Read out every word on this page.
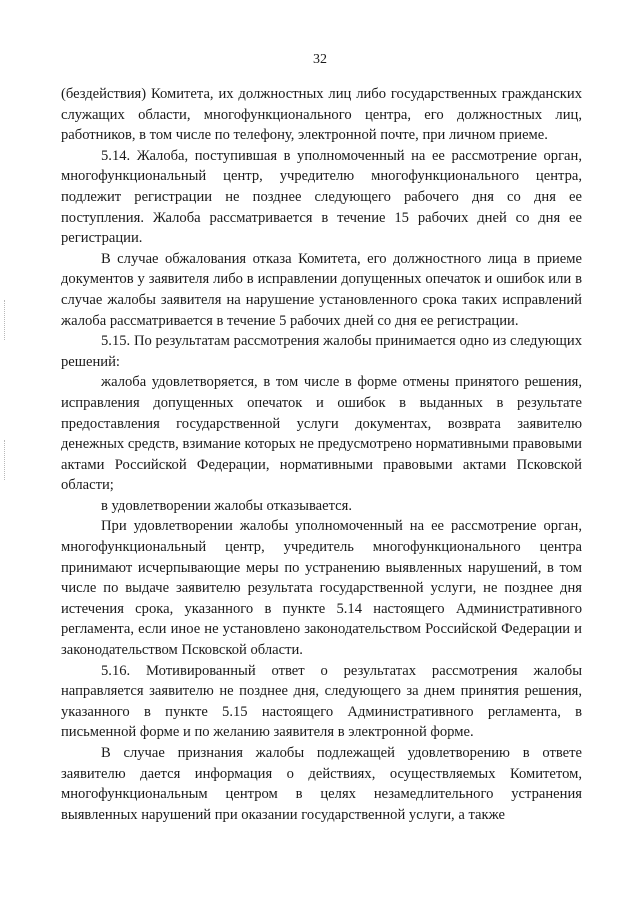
32

(бездействия) Комитета, их должностных лиц либо государственных гражданских служащих области, многофункционального центра, его должностных лиц, работников, в том числе по телефону, электронной почте, при личном приеме.

5.14. Жалоба, поступившая в уполномоченный на ее рассмотрение орган, многофункциональный центр, учредителю многофункционального центра, подлежит регистрации не позднее следующего рабочего дня со дня ее поступления. Жалоба рассматривается в течение 15 рабочих дней со дня ее регистрации.

В случае обжалования отказа Комитета, его должностного лица в приеме документов у заявителя либо в исправлении допущенных опечаток и ошибок или в случае жалобы заявителя на нарушение установленного срока таких исправлений жалоба рассматривается в течение 5 рабочих дней со дня ее регистрации.

5.15. По результатам рассмотрения жалобы принимается одно из следующих решений:

жалоба удовлетворяется, в том числе в форме отмены принятого решения, исправления допущенных опечаток и ошибок в выданных в результате предоставления государственной услуги документах, возврата заявителю денежных средств, взимание которых не предусмотрено нормативными правовыми актами Российской Федерации, нормативными правовыми актами Псковской области;

в удовлетворении жалобы отказывается.

При удовлетворении жалобы уполномоченный на ее рассмотрение орган, многофункциональный центр, учредитель многофункционального центра принимают исчерпывающие меры по устранению выявленных нарушений, в том числе по выдаче заявителю результата государственной услуги, не позднее дня истечения срока, указанного в пункте 5.14 настоящего Административного регламента, если иное не установлено законодательством Российской Федерации и законодательством Псковской области.

5.16. Мотивированный ответ о результатах рассмотрения жалобы направляется заявителю не позднее дня, следующего за днем принятия решения, указанного в пункте 5.15 настоящего Административного регламента, в письменной форме и по желанию заявителя в электронной форме.

В случае признания жалобы подлежащей удовлетворению в ответе заявителю дается информация о действиях, осуществляемых Комитетом, многофункциональным центром в целях незамедлительного устранения выявленных нарушений при оказании государственной услуги, а также
